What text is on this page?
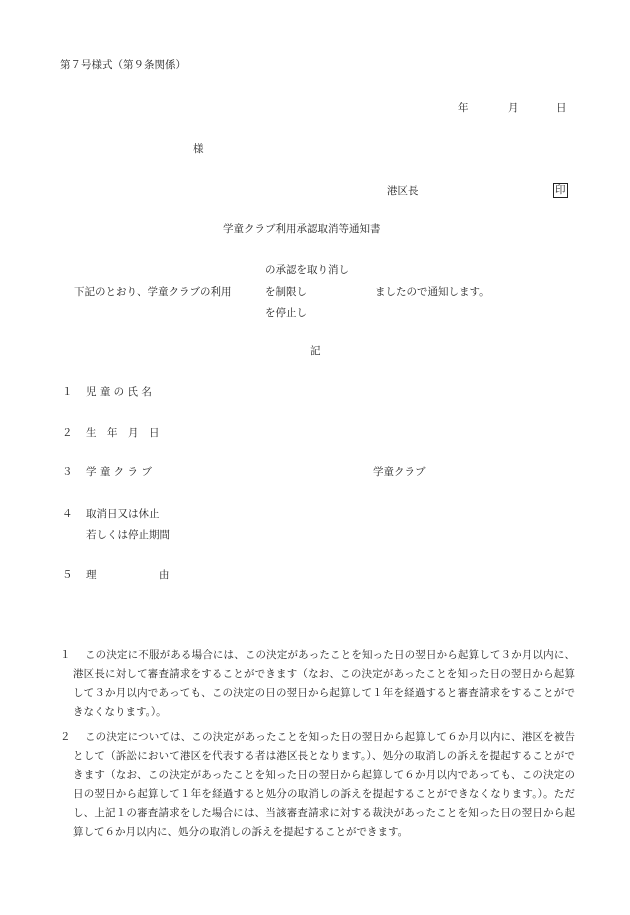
第７号様式（第９条関係）
年	月	日
様
港区長	印
学童クラブ利用承認取消等通知書
の承認を取り消し
下記のとおり、学童クラブの利用	を制限し	ましたので通知します。
を停止し
記
１ 児 童 の 氏 名
２ 生　年　月　日
３ 学 童 ク ラ ブ	学童クラブ
４ 取消日又は休止
若しくは停止期間
５ 理	由
１	この決定に不服がある場合には、この決定があったことを知った日の翌日から起算して３か月以内に、港区長に対して審査請求をすることができます（なお、この決定があったことを知った日の翌日から起算して３か月以内であっても、この決定の日の翌日から起算して１年を経過すると審査請求をすることができなくなります。）。
２	この決定については、この決定があったことを知った日の翌日から起算して６か月以内に、港区を被告として（訴訟において港区を代表する者は港区長となります。）、処分の取消しの訴えを提起することができます（なお、この決定があったことを知った日の翌日から起算して６か月以内であっても、この決定の日の翌日から起算して１年を経過すると処分の取消しの訴えを提起することができなくなります。）。ただし、上記１の審査請求をした場合には、当該審査請求に対する裁決があったことを知った日の翌日から起算して６か月以内に、処分の取消しの訴えを提起することができます。
